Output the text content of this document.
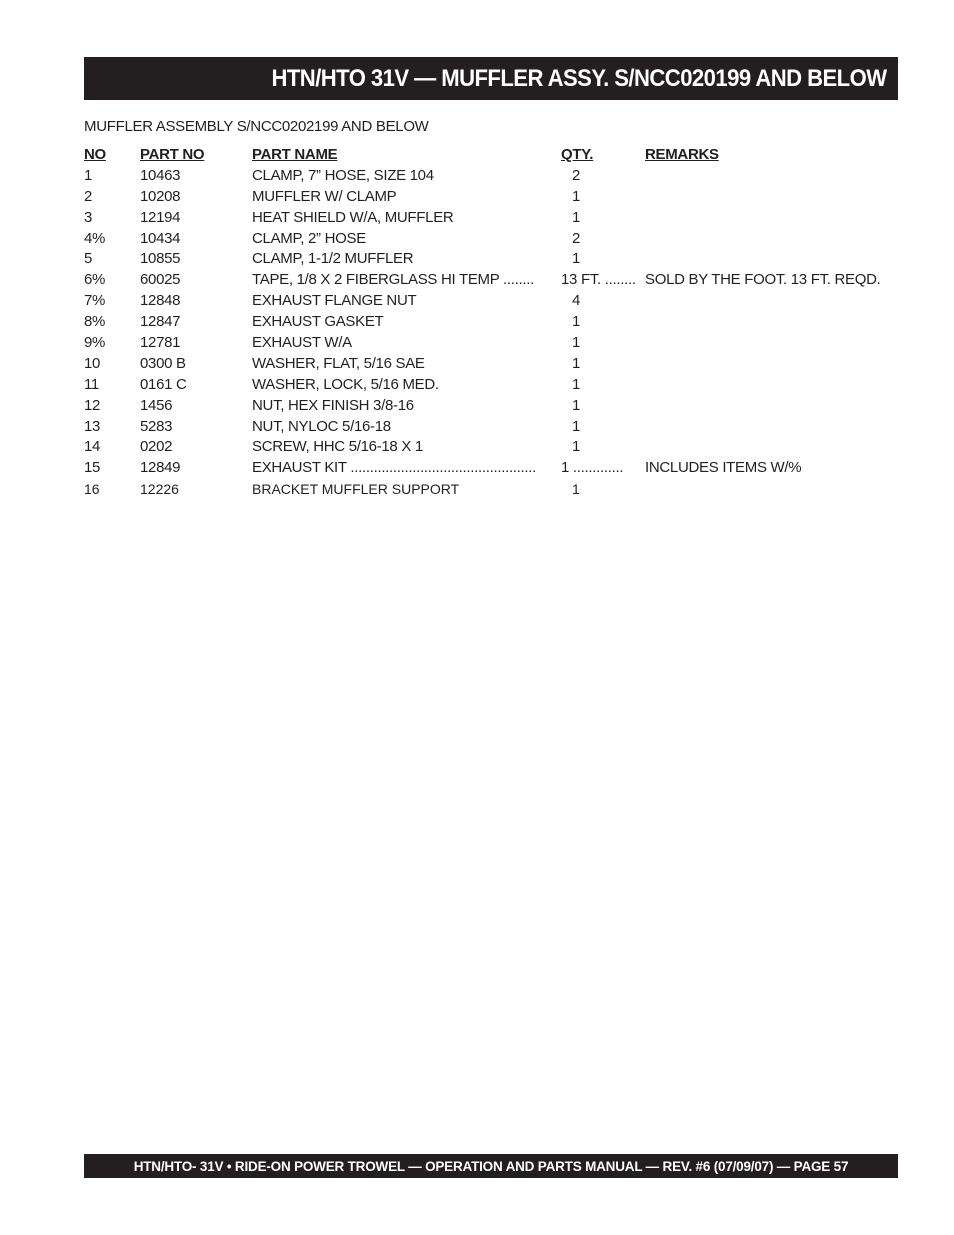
HTN/HTO 31V — MUFFLER ASSY. S/NCC020199 AND BELOW
MUFFLER ASSEMBLY S/NCC0202199 AND BELOW
NO PART NO	PART NAME	QTY.	REMARKS
1	10463	CLAMP, 7” HOSE, SIZE 104	2
2	10208	MUFFLER W/ CLAMP	1
3	12194	HEAT SHIELD W/A, MUFFLER	1
4% 10434	CLAMP, 2” HOSE	2
5	10855	CLAMP, 1-1/2 MUFFLER	1
6% 60025	TAPE, 1/8 X 2 FIBERGLASS HI TEMP ........ 13 FT. ........ SOLD BY THE FOOT. 13 FT. REQD.
7% 12848	EXHAUST FLANGE NUT	4
8% 12847	EXHAUST GASKET	1
9% 12781	EXHAUST W/A	1
10	0300 B	WASHER, FLAT, 5/16 SAE	1
11	0161 C	WASHER, LOCK, 5/16 MED.	1
12	1456	NUT, HEX FINISH 3/8-16	1
13	5283	NUT, NYLOC 5/16-18	1
14	0202	SCREW, HHC 5/16-18 X 1	1
15	12849	EXHAUST KIT ................................................ 1 ............. INCLUDES ITEMS W/%
16	12226	BRACKET MUFFLER SUPPORT	1
HTN/HTO- 31V • RIDE-ON POWER TROWEL — OPERATION AND PARTS MANUAL — REV. #6 (07/09/07) — PAGE 57
